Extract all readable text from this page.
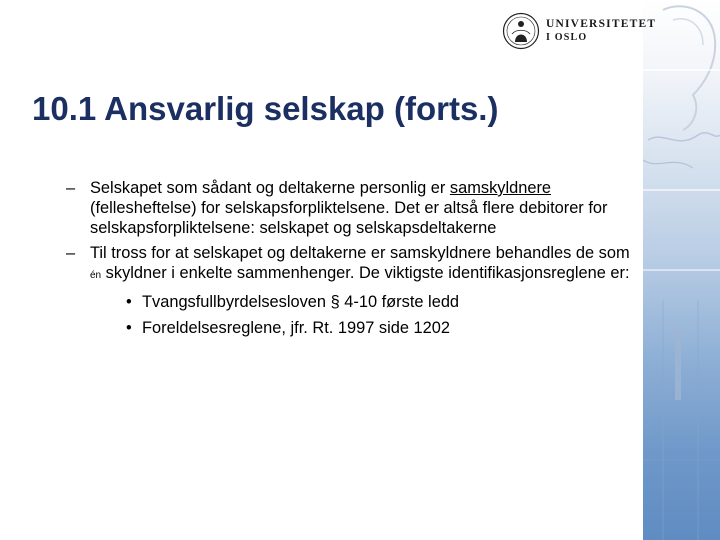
UNIVERSITETET
I OSLO
10.1 Ansvarlig selskap (forts.)
– Selskapet som sådant og deltakerne personlig er samskyldnere (fellesheftelse) for selskapsforpliktelsene. Det er altså flere debitorer for selskapsforpliktelsene: selskapet og selskapsdeltakerne
– Til tross for at selskapet og deltakerne er samskyldnere behandles de som én skyldner i enkelte sammenhenger. De viktigste identifikasjonsreglene er:
• Tvangsfullbyrdelsesloven § 4-10 første ledd
• Foreldelsesreglene, jfr. Rt. 1997 side 1202
